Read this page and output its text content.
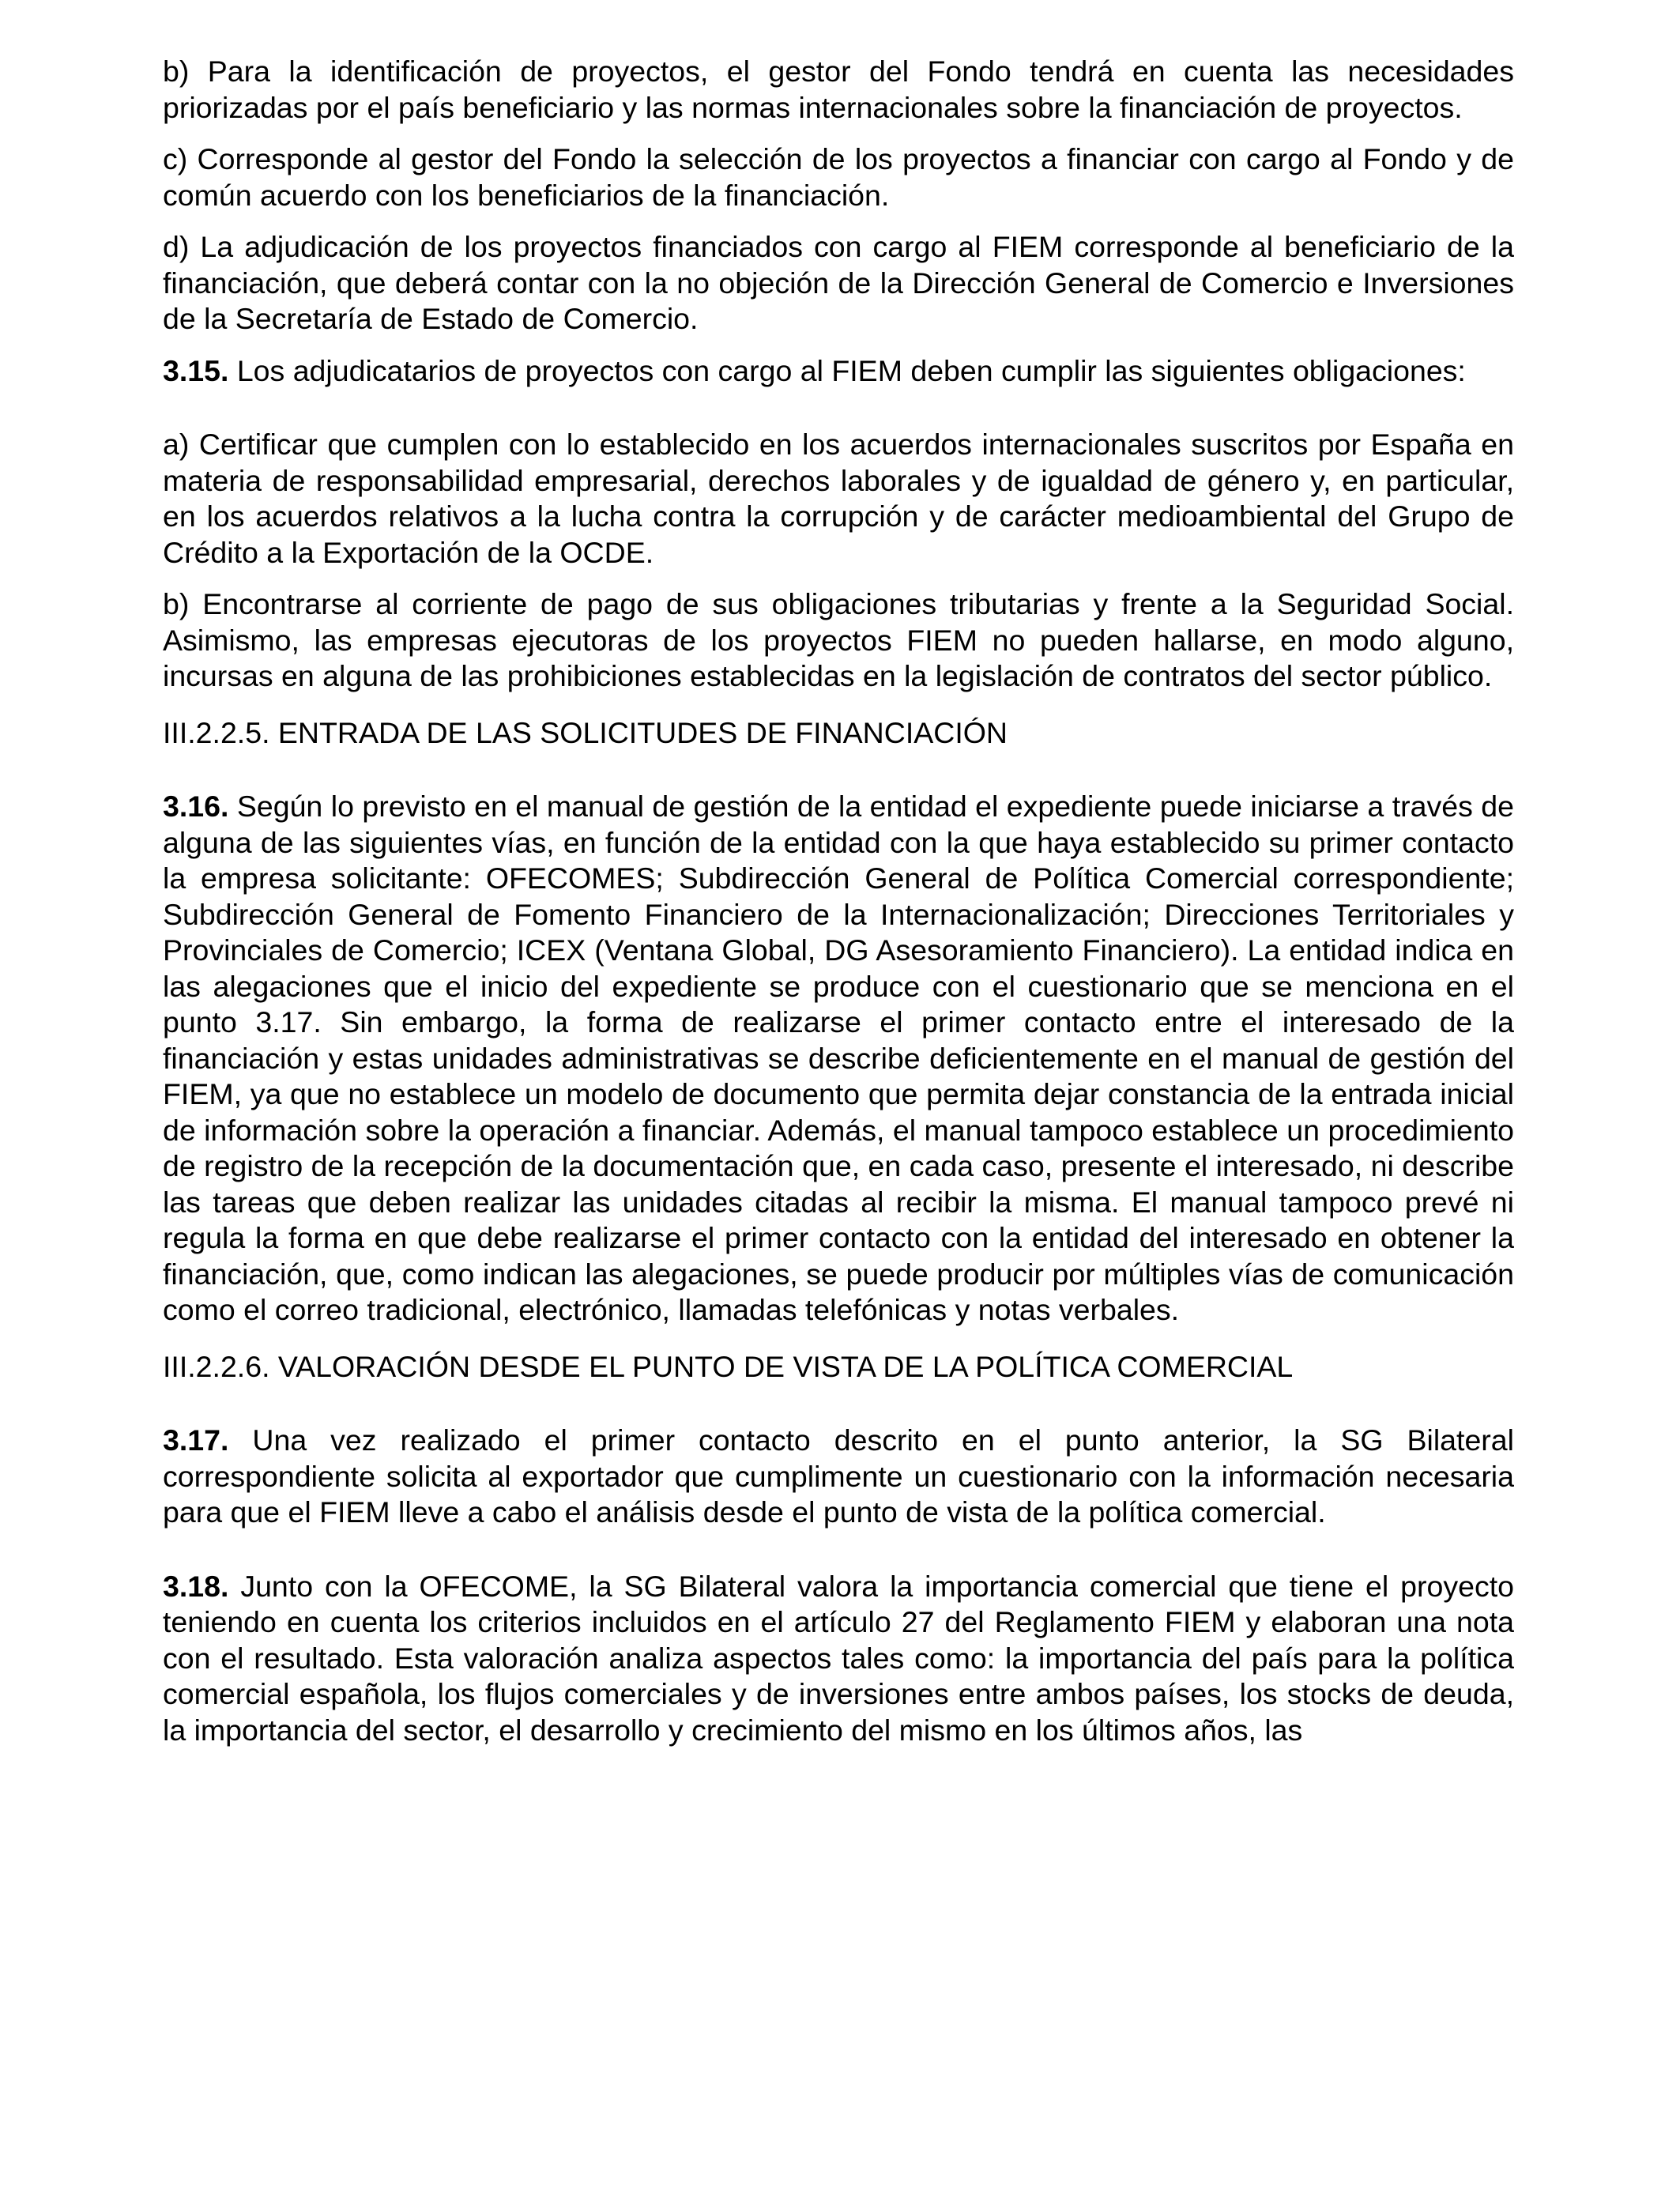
b) Para la identificación de proyectos, el gestor del Fondo tendrá en cuenta las necesidades priorizadas por el país beneficiario y las normas internacionales sobre la financiación de proyectos.

c) Corresponde al gestor del Fondo la selección de los proyectos a financiar con cargo al Fondo y de común acuerdo con los beneficiarios de la financiación.

d) La adjudicación de los proyectos financiados con cargo al FIEM corresponde al beneficiario de la financiación, que deberá contar con la no objeción de la Dirección General de Comercio e Inversiones de la Secretaría de Estado de Comercio.

3.15. Los adjudicatarios de proyectos con cargo al FIEM deben cumplir las siguientes obligaciones:

a) Certificar que cumplen con lo establecido en los acuerdos internacionales suscritos por España en materia de responsabilidad empresarial, derechos laborales y de igualdad de género y, en particular, en los acuerdos relativos a la lucha contra la corrupción y de carácter medioambiental del Grupo de Crédito a la Exportación de la OCDE.

b) Encontrarse al corriente de pago de sus obligaciones tributarias y frente a la Seguridad Social. Asimismo, las empresas ejecutoras de los proyectos FIEM no pueden hallarse, en modo alguno, incursas en alguna de las prohibiciones establecidas en la legislación de contratos del sector público.

III.2.2.5. ENTRADA DE LAS SOLICITUDES DE FINANCIACIÓN

3.16. Según lo previsto en el manual de gestión de la entidad el expediente puede iniciarse a través de alguna de las siguientes vías, en función de la entidad con la que haya establecido su primer contacto la empresa solicitante: OFECOMES; Subdirección General de Política Comercial correspondiente; Subdirección General de Fomento Financiero de la Internacionalización; Direcciones Territoriales y Provinciales de Comercio; ICEX (Ventana Global, DG Asesoramiento Financiero). La entidad indica en las alegaciones que el inicio del expediente se produce con el cuestionario que se menciona en el punto 3.17. Sin embargo, la forma de realizarse el primer contacto entre el interesado de la financiación y estas unidades administrativas se describe deficientemente en el manual de gestión del FIEM, ya que no establece un modelo de documento que permita dejar constancia de la entrada inicial de información sobre la operación a financiar. Además, el manual tampoco establece un procedimiento de registro de la recepción de la documentación que, en cada caso, presente el interesado, ni describe las tareas que deben realizar las unidades citadas al recibir la misma. El manual tampoco prevé ni regula la forma en que debe realizarse el primer contacto con la entidad del interesado en obtener la financiación, que, como indican las alegaciones, se puede producir por múltiples vías de comunicación como el correo tradicional, electrónico, llamadas telefónicas y notas verbales.

III.2.2.6. VALORACIÓN DESDE EL PUNTO DE VISTA DE LA POLÍTICA COMERCIAL

3.17. Una vez realizado el primer contacto descrito en el punto anterior, la SG Bilateral correspondiente solicita al exportador que cumplimente un cuestionario con la información necesaria para que el FIEM lleve a cabo el análisis desde el punto de vista de la política comercial.

3.18. Junto con la OFECOME, la SG Bilateral valora la importancia comercial que tiene el proyecto teniendo en cuenta los criterios incluidos en el artículo 27 del Reglamento FIEM y elaboran una nota con el resultado. Esta valoración analiza aspectos tales como: la importancia del país para la política comercial española, los flujos comerciales y de inversiones entre ambos países, los stocks de deuda, la importancia del sector, el desarrollo y crecimiento del mismo en los últimos años, las
